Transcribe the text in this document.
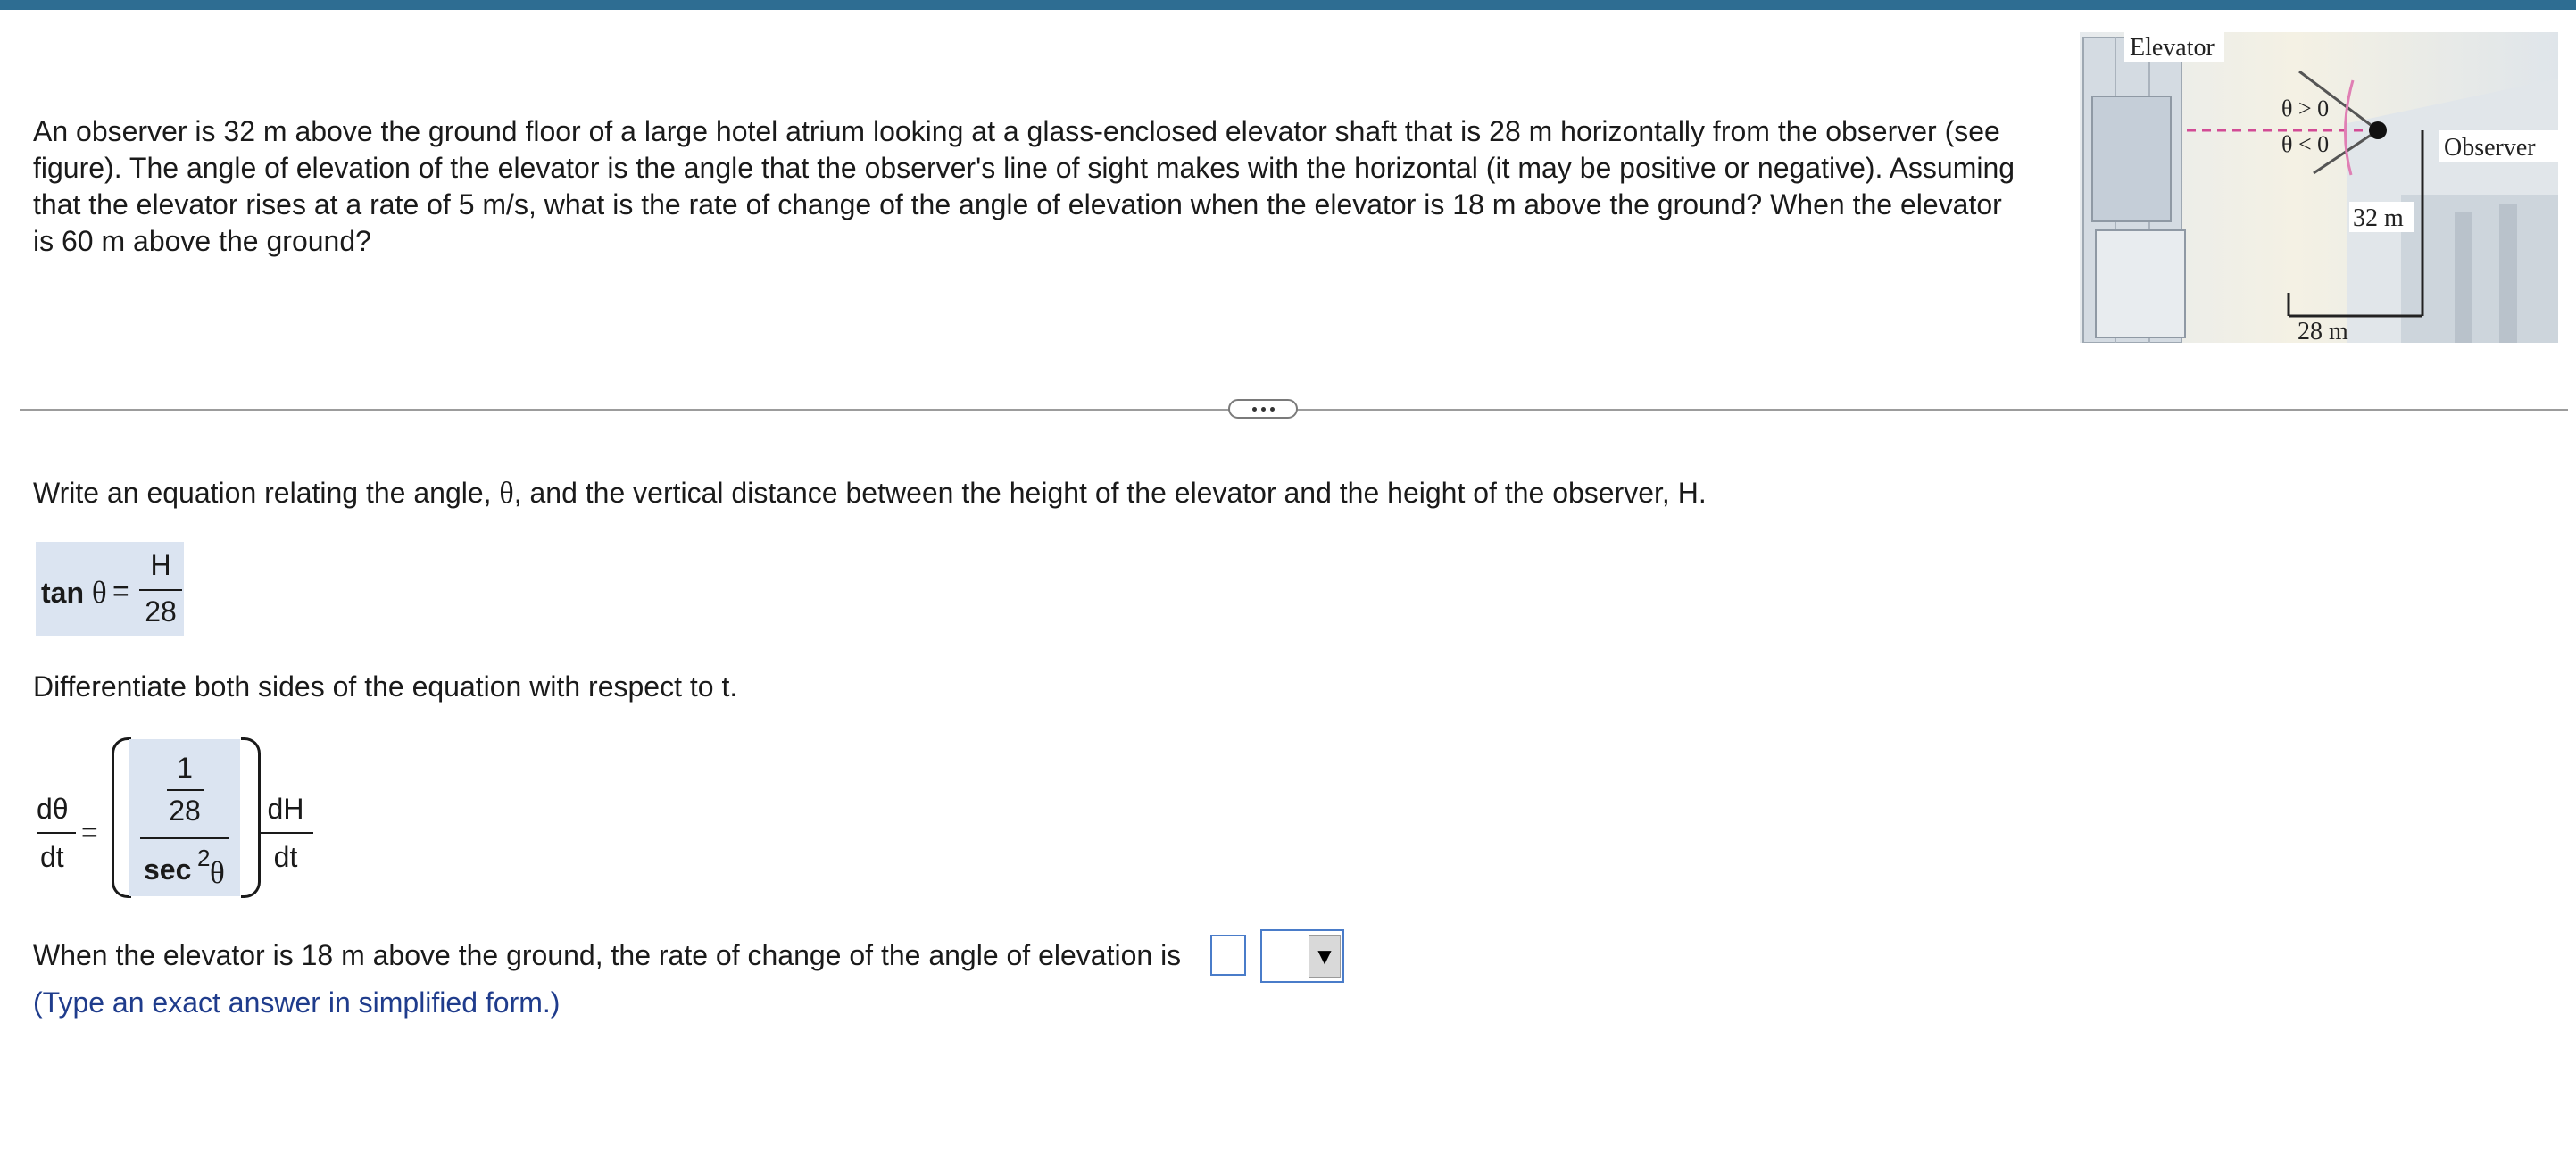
An observer is 32 m above the ground floor of a large hotel atrium looking at a glass-enclosed elevator shaft that is 28 m horizontally from the observer (see figure). The angle of elevation of the elevator is the angle that the observer's line of sight makes with the horizontal (it may be positive or negative). Assuming that the elevator rises at a rate of 5 m/s, what is the rate of change of the angle of elevation when the elevator is 18 m above the ground? When the elevator is 60 m above the ground?
Elevator
θ > 0
θ < 0	Observer
32 m
28 m
Write an equation relating the angle, θ, and the vertical distance between the height of the elevator and the height of the observer, H.
tan θ =
H
28
Differentiate both sides of the equation with respect to t.
dθ
dt
=
1
28
sec 2 θ
dH
dt
When the elevator is 18 m above the ground, the rate of change of the angle of elevation is	▼
(Type an exact answer in simplified form.)
